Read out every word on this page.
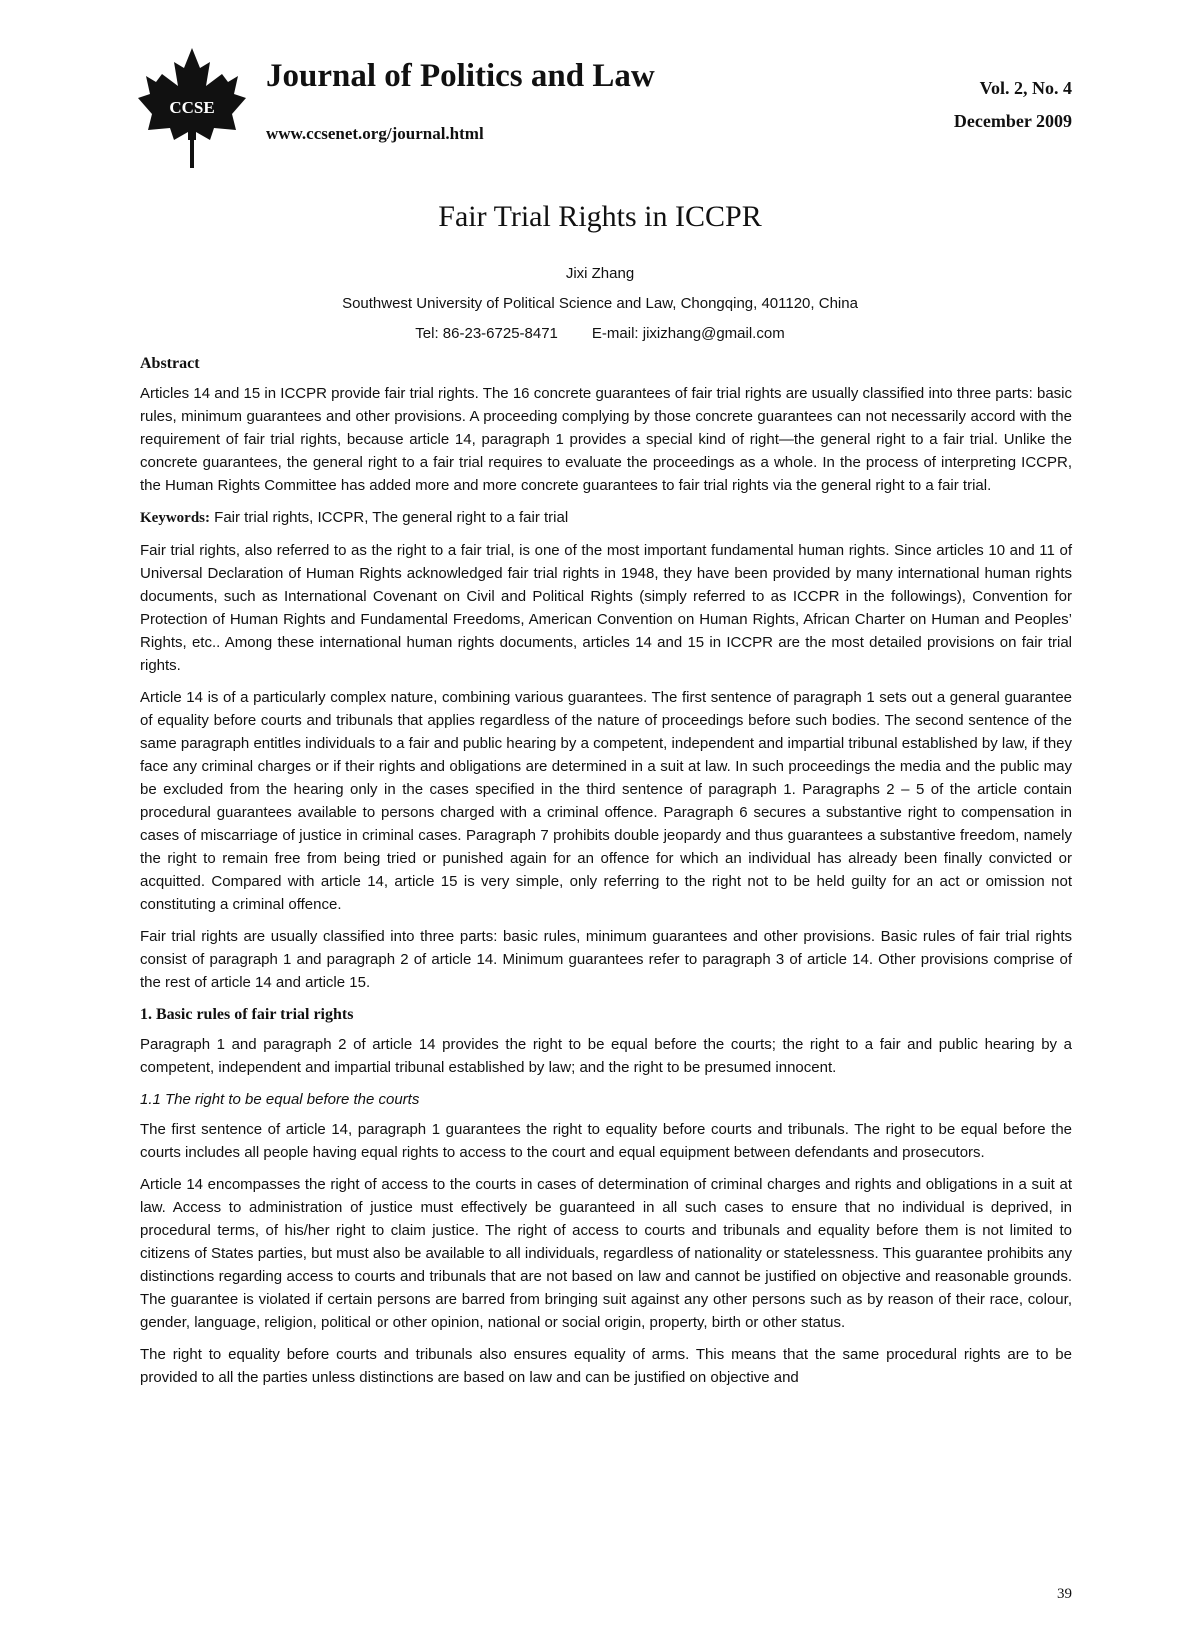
CCSE
Journal of Politics and Law
www.ccsenet.org/journal.html
Vol. 2, No. 4
December 2009
Fair Trial Rights in ICCPR
Jixi Zhang
Southwest University of Political Science and Law, Chongqing, 401120, China
Tel: 86-23-6725-8471 E-mail: jixizhang@gmail.com
Abstract

Articles 14 and 15 in ICCPR provide fair trial rights. The 16 concrete guarantees of fair trial rights are usually classified into three parts: basic rules, minimum guarantees and other provisions. A proceeding complying by those concrete guarantees can not necessarily accord with the requirement of fair trial rights, because article 14, paragraph 1 provides a special kind of right—the general right to a fair trial. Unlike the concrete guarantees, the general right to a fair trial requires to evaluate the proceedings as a whole. In the process of interpreting ICCPR, the Human Rights Committee has added more and more concrete guarantees to fair trial rights via the general right to a fair trial.

Keywords: Fair trial rights, ICCPR, The general right to a fair trial

Fair trial rights, also referred to as the right to a fair trial, is one of the most important fundamental human rights. Since articles 10 and 11 of Universal Declaration of Human Rights acknowledged fair trial rights in 1948, they have been provided by many international human rights documents, such as International Covenant on Civil and Political Rights (simply referred to as ICCPR in the followings), Convention for Protection of Human Rights and Fundamental Freedoms, American Convention on Human Rights, African Charter on Human and Peoples’ Rights, etc.. Among these international human rights documents, articles 14 and 15 in ICCPR are the most detailed provisions on fair trial rights.

Article 14 is of a particularly complex nature, combining various guarantees. The first sentence of paragraph 1 sets out a general guarantee of equality before courts and tribunals that applies regardless of the nature of proceedings before such bodies. The second sentence of the same paragraph entitles individuals to a fair and public hearing by a competent, independent and impartial tribunal established by law, if they face any criminal charges or if their rights and obligations are determined in a suit at law. In such proceedings the media and the public may be excluded from the hearing only in the cases specified in the third sentence of paragraph 1. Paragraphs 2 – 5 of the article contain procedural guarantees available to persons charged with a criminal offence. Paragraph 6 secures a substantive right to compensation in cases of miscarriage of justice in criminal cases. Paragraph 7 prohibits double jeopardy and thus guarantees a substantive freedom, namely the right to remain free from being tried or punished again for an offence for which an individual has already been finally convicted or acquitted. Compared with article 14, article 15 is very simple, only referring to the right not to be held guilty for an act or omission not constituting a criminal offence.

Fair trial rights are usually classified into three parts: basic rules, minimum guarantees and other provisions. Basic rules of fair trial rights consist of paragraph 1 and paragraph 2 of article 14. Minimum guarantees refer to paragraph 3 of article 14. Other provisions comprise of the rest of article 14 and article 15.

1. Basic rules of fair trial rights

Paragraph 1 and paragraph 2 of article 14 provides the right to be equal before the courts; the right to a fair and public hearing by a competent, independent and impartial tribunal established by law; and the right to be presumed innocent.

1.1 The right to be equal before the courts

The first sentence of article 14, paragraph 1 guarantees the right to equality before courts and tribunals. The right to be equal before the courts includes all people having equal rights to access to the court and equal equipment between defendants and prosecutors.

Article 14 encompasses the right of access to the courts in cases of determination of criminal charges and rights and obligations in a suit at law. Access to administration of justice must effectively be guaranteed in all such cases to ensure that no individual is deprived, in procedural terms, of his/her right to claim justice. The right of access to courts and tribunals and equality before them is not limited to citizens of States parties, but must also be available to all individuals, regardless of nationality or statelessness. This guarantee prohibits any distinctions regarding access to courts and tribunals that are not based on law and cannot be justified on objective and reasonable grounds. The guarantee is violated if certain persons are barred from bringing suit against any other persons such as by reason of their race, colour, gender, language, religion, political or other opinion, national or social origin, property, birth or other status.

The right to equality before courts and tribunals also ensures equality of arms. This means that the same procedural rights are to be provided to all the parties unless distinctions are based on law and can be justified on objective and

39
